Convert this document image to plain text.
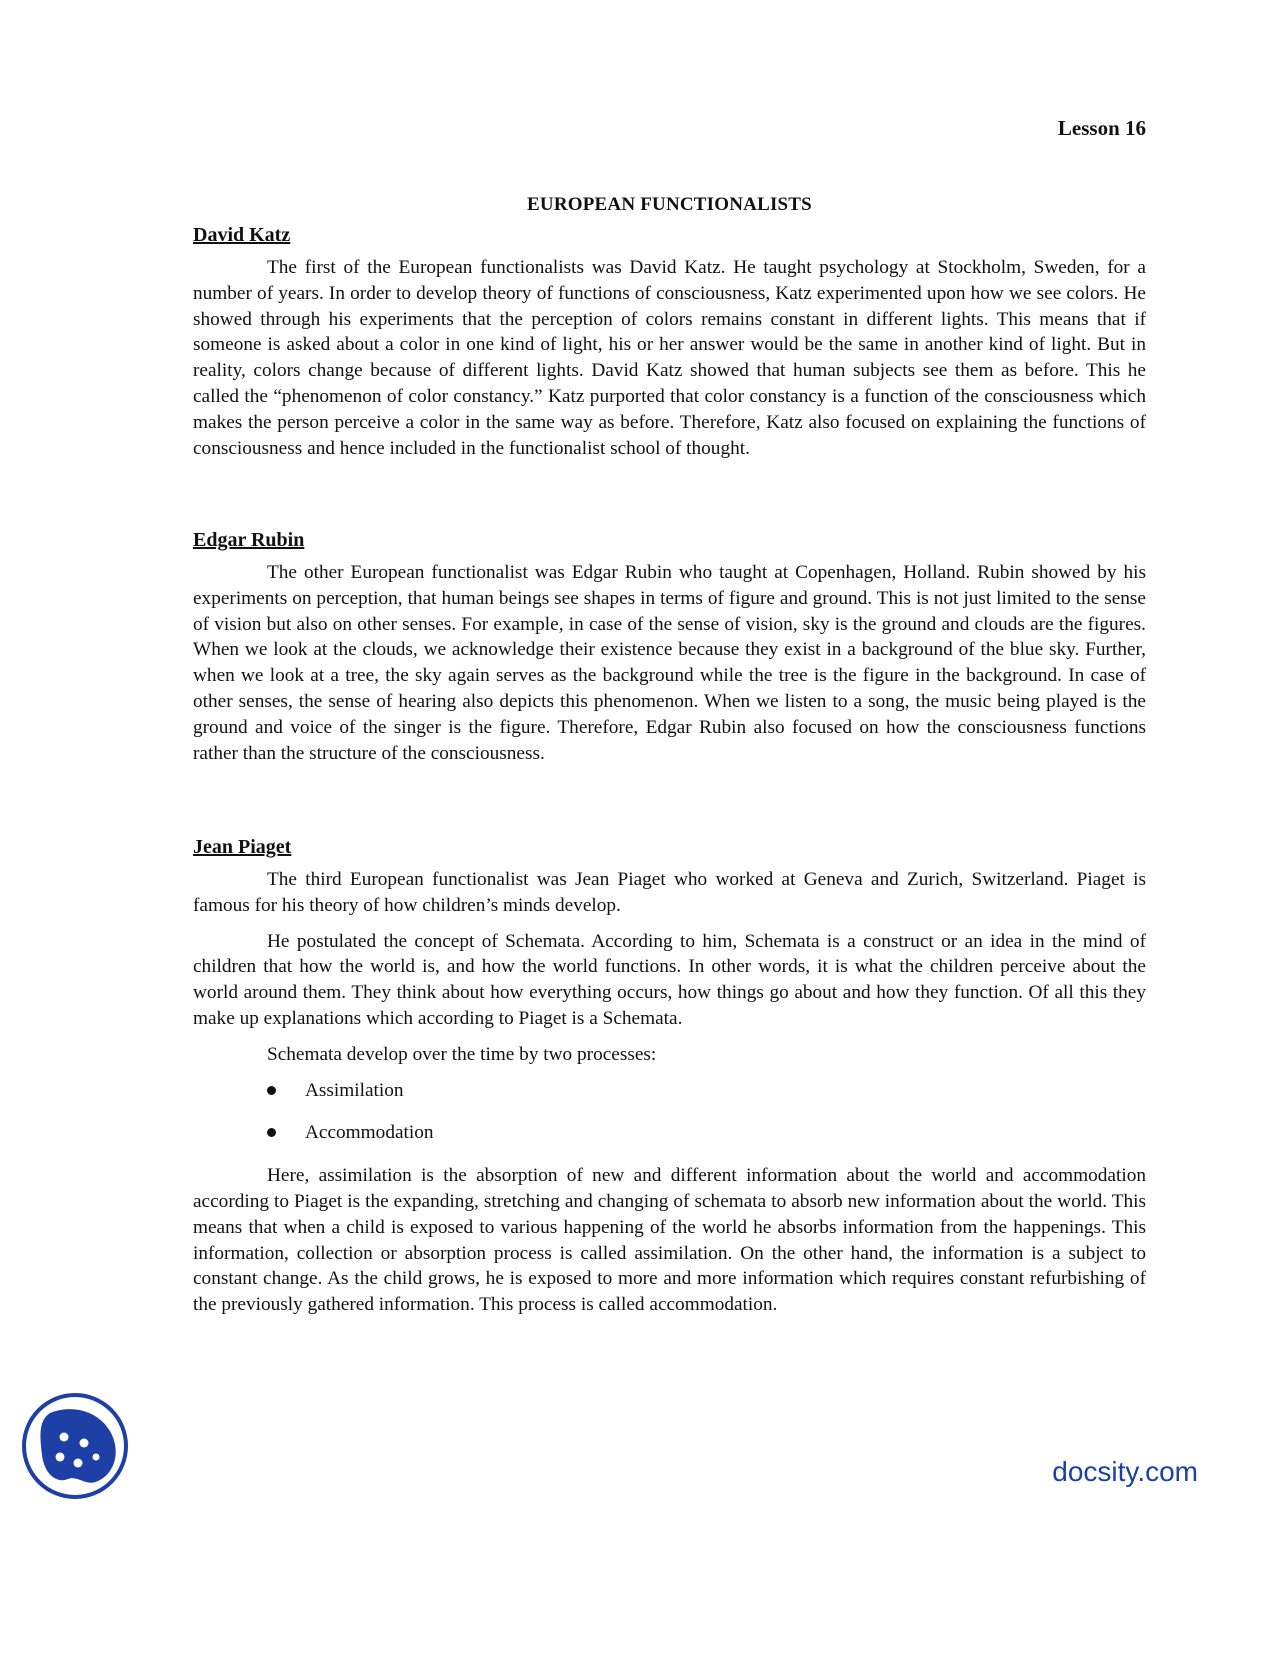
Lesson 16
EUROPEAN FUNCTIONALISTS
David Katz

The first of the European functionalists was David Katz. He taught psychology at Stockholm, Sweden, for a number of years. In order to develop theory of functions of consciousness, Katz experimented upon how we see colors. He showed through his experiments that the perception of colors remains constant in different lights. This means that if someone is asked about a color in one kind of light, his or her answer would be the same in another kind of light. But in reality, colors change because of different lights. David Katz showed that human subjects see them as before. This he called the “phenomenon of color constancy.” Katz purported that color constancy is a function of the consciousness which makes the person perceive a color in the same way as before. Therefore, Katz also focused on explaining the functions of consciousness and hence included in the functionalist school of thought.

Edgar Rubin

The other European functionalist was Edgar Rubin who taught at Copenhagen, Holland. Rubin showed by his experiments on perception, that human beings see shapes in terms of figure and ground. This is not just limited to the sense of vision but also on other senses. For example, in case of the sense of vision, sky is the ground and clouds are the figures. When we look at the clouds, we acknowledge their existence because they exist in a background of the blue sky. Further, when we look at a tree, the sky again serves as the background while the tree is the figure in the background. In case of other senses, the sense of hearing also depicts this phenomenon. When we listen to a song, the music being played is the ground and voice of the singer is the figure. Therefore, Edgar Rubin also focused on how the consciousness functions rather than the structure of the consciousness.

Jean Piaget

The third European functionalist was Jean Piaget who worked at Geneva and Zurich, Switzerland. Piaget is famous for his theory of how children’s minds develop.

He postulated the concept of Schemata. According to him, Schemata is a construct or an idea in the mind of children that how the world is, and how the world functions. In other words, it is what the children perceive about the world around them. They think about how everything occurs, how things go about and how they function. Of all this they make up explanations which according to Piaget is a Schemata.

Schemata develop over the time by two processes:

Assimilation
Accommodation

Here, assimilation is the absorption of new and different information about the world and accommodation according to Piaget is the expanding, stretching and changing of schemata to absorb new information about the world. This means that when a child is exposed to various happening of the world he absorbs information from the happenings. This information, collection or absorption process is called assimilation. On the other hand, the information is a subject to constant change. As the child grows, he is exposed to more and more information which requires constant refurbishing of the previously gathered information. This process is called accommodation.

docsity.com
